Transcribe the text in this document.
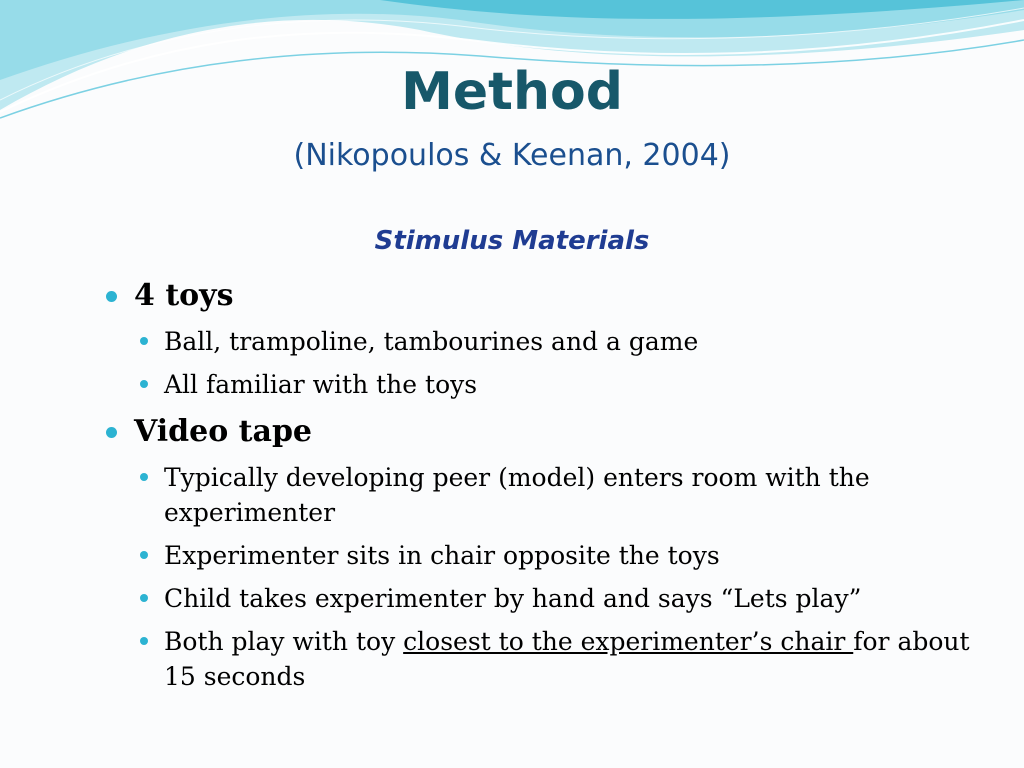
Method
(Nikopoulos & Keenan, 2004)
Stimulus Materials
4 toys
Ball, trampoline, tambourines and a game
All familiar with the toys
Video tape
Typically developing peer (model) enters room with the experimenter
Experimenter sits in chair opposite the toys
Child takes experimenter by hand and says “Lets play”
Both play with toy closest to the experimenter’s chair for about 15 seconds
